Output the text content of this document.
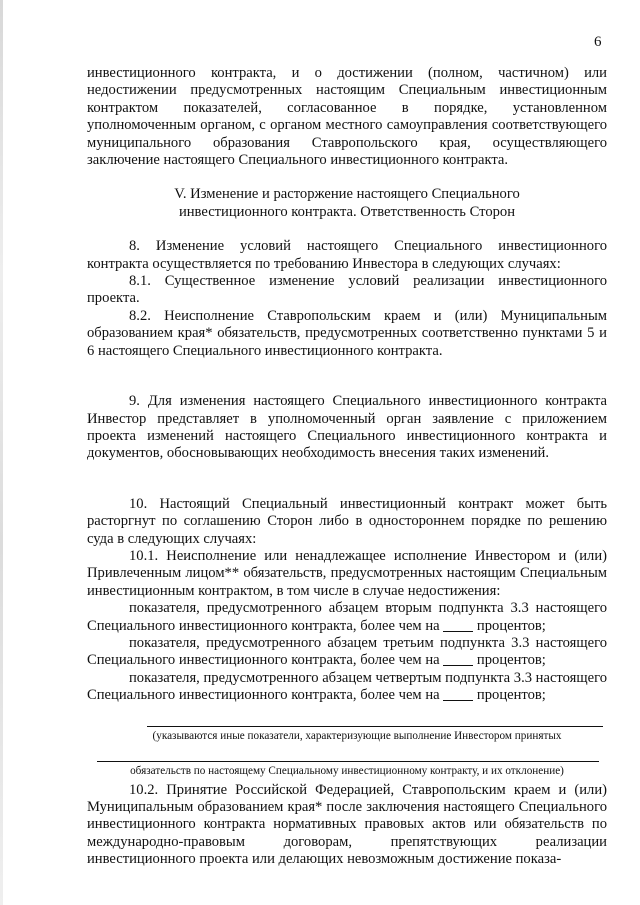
6

инвестиционного контракта, и о достижении (полном, частичном) или недостижении предусмотренных настоящим Специальным инвестиционным контрактом показателей, согласованное в порядке, установленном уполномоченным органом, с органом местного самоуправления соответствующего муниципального образования Ставропольского края, осуществляющего заключение настоящего Специального инвестиционного контракта.

V. Изменение и расторжение настоящего Специального
инвестиционного контракта. Ответственность Сторон

8. Изменение условий настоящего Специального инвестиционного контракта осуществляется по требованию Инвестора в следующих случаях:

8.1. Существенное изменение условий реализации инвестиционного проекта.

8.2. Неисполнение Ставропольским краем и (или) Муниципальным образованием края* обязательств, предусмотренных соответственно пунктами 5 и 6 настоящего Специального инвестиционного контракта.

9. Для изменения настоящего Специального инвестиционного контракта Инвестор представляет в уполномоченный орган заявление с приложением проекта изменений настоящего Специального инвестиционного контракта и документов, обосновывающих необходимость внесения таких изменений.

10. Настоящий Специальный инвестиционный контракт может быть расторгнут по соглашению Сторон либо в одностороннем порядке по решению суда в следующих случаях:

10.1. Неисполнение или ненадлежащее исполнение Инвестором и (или) Привлеченным лицом** обязательств, предусмотренных настоящим Специальным инвестиционным контрактом, в том числе в случае недостижения:

показателя, предусмотренного абзацем вторым подпункта 3.3 настоящего Специального инвестиционного контракта, более чем на  процентов;

показателя, предусмотренного абзацем третьим подпункта 3.3 настоящего Специального инвестиционного контракта, более чем на  процентов;

показателя, предусмотренного абзацем четвертым подпункта 3.3 настоящего Специального инвестиционного контракта, более чем на  процентов;

(указываются иные показатели, характеризующие выполнение Инвестором принятых
обязательств по настоящему Специальному инвестиционному контракту, и их отклонение)

10.2. Принятие Российской Федерацией, Ставропольским краем и (или) Муниципальным образованием края* после заключения настоящего Специального инвестиционного контракта нормативных правовых актов или обязательств по международно-правовым договорам, препятствующих реализации инвестиционного проекта или делающих невозможным достижение показа-
